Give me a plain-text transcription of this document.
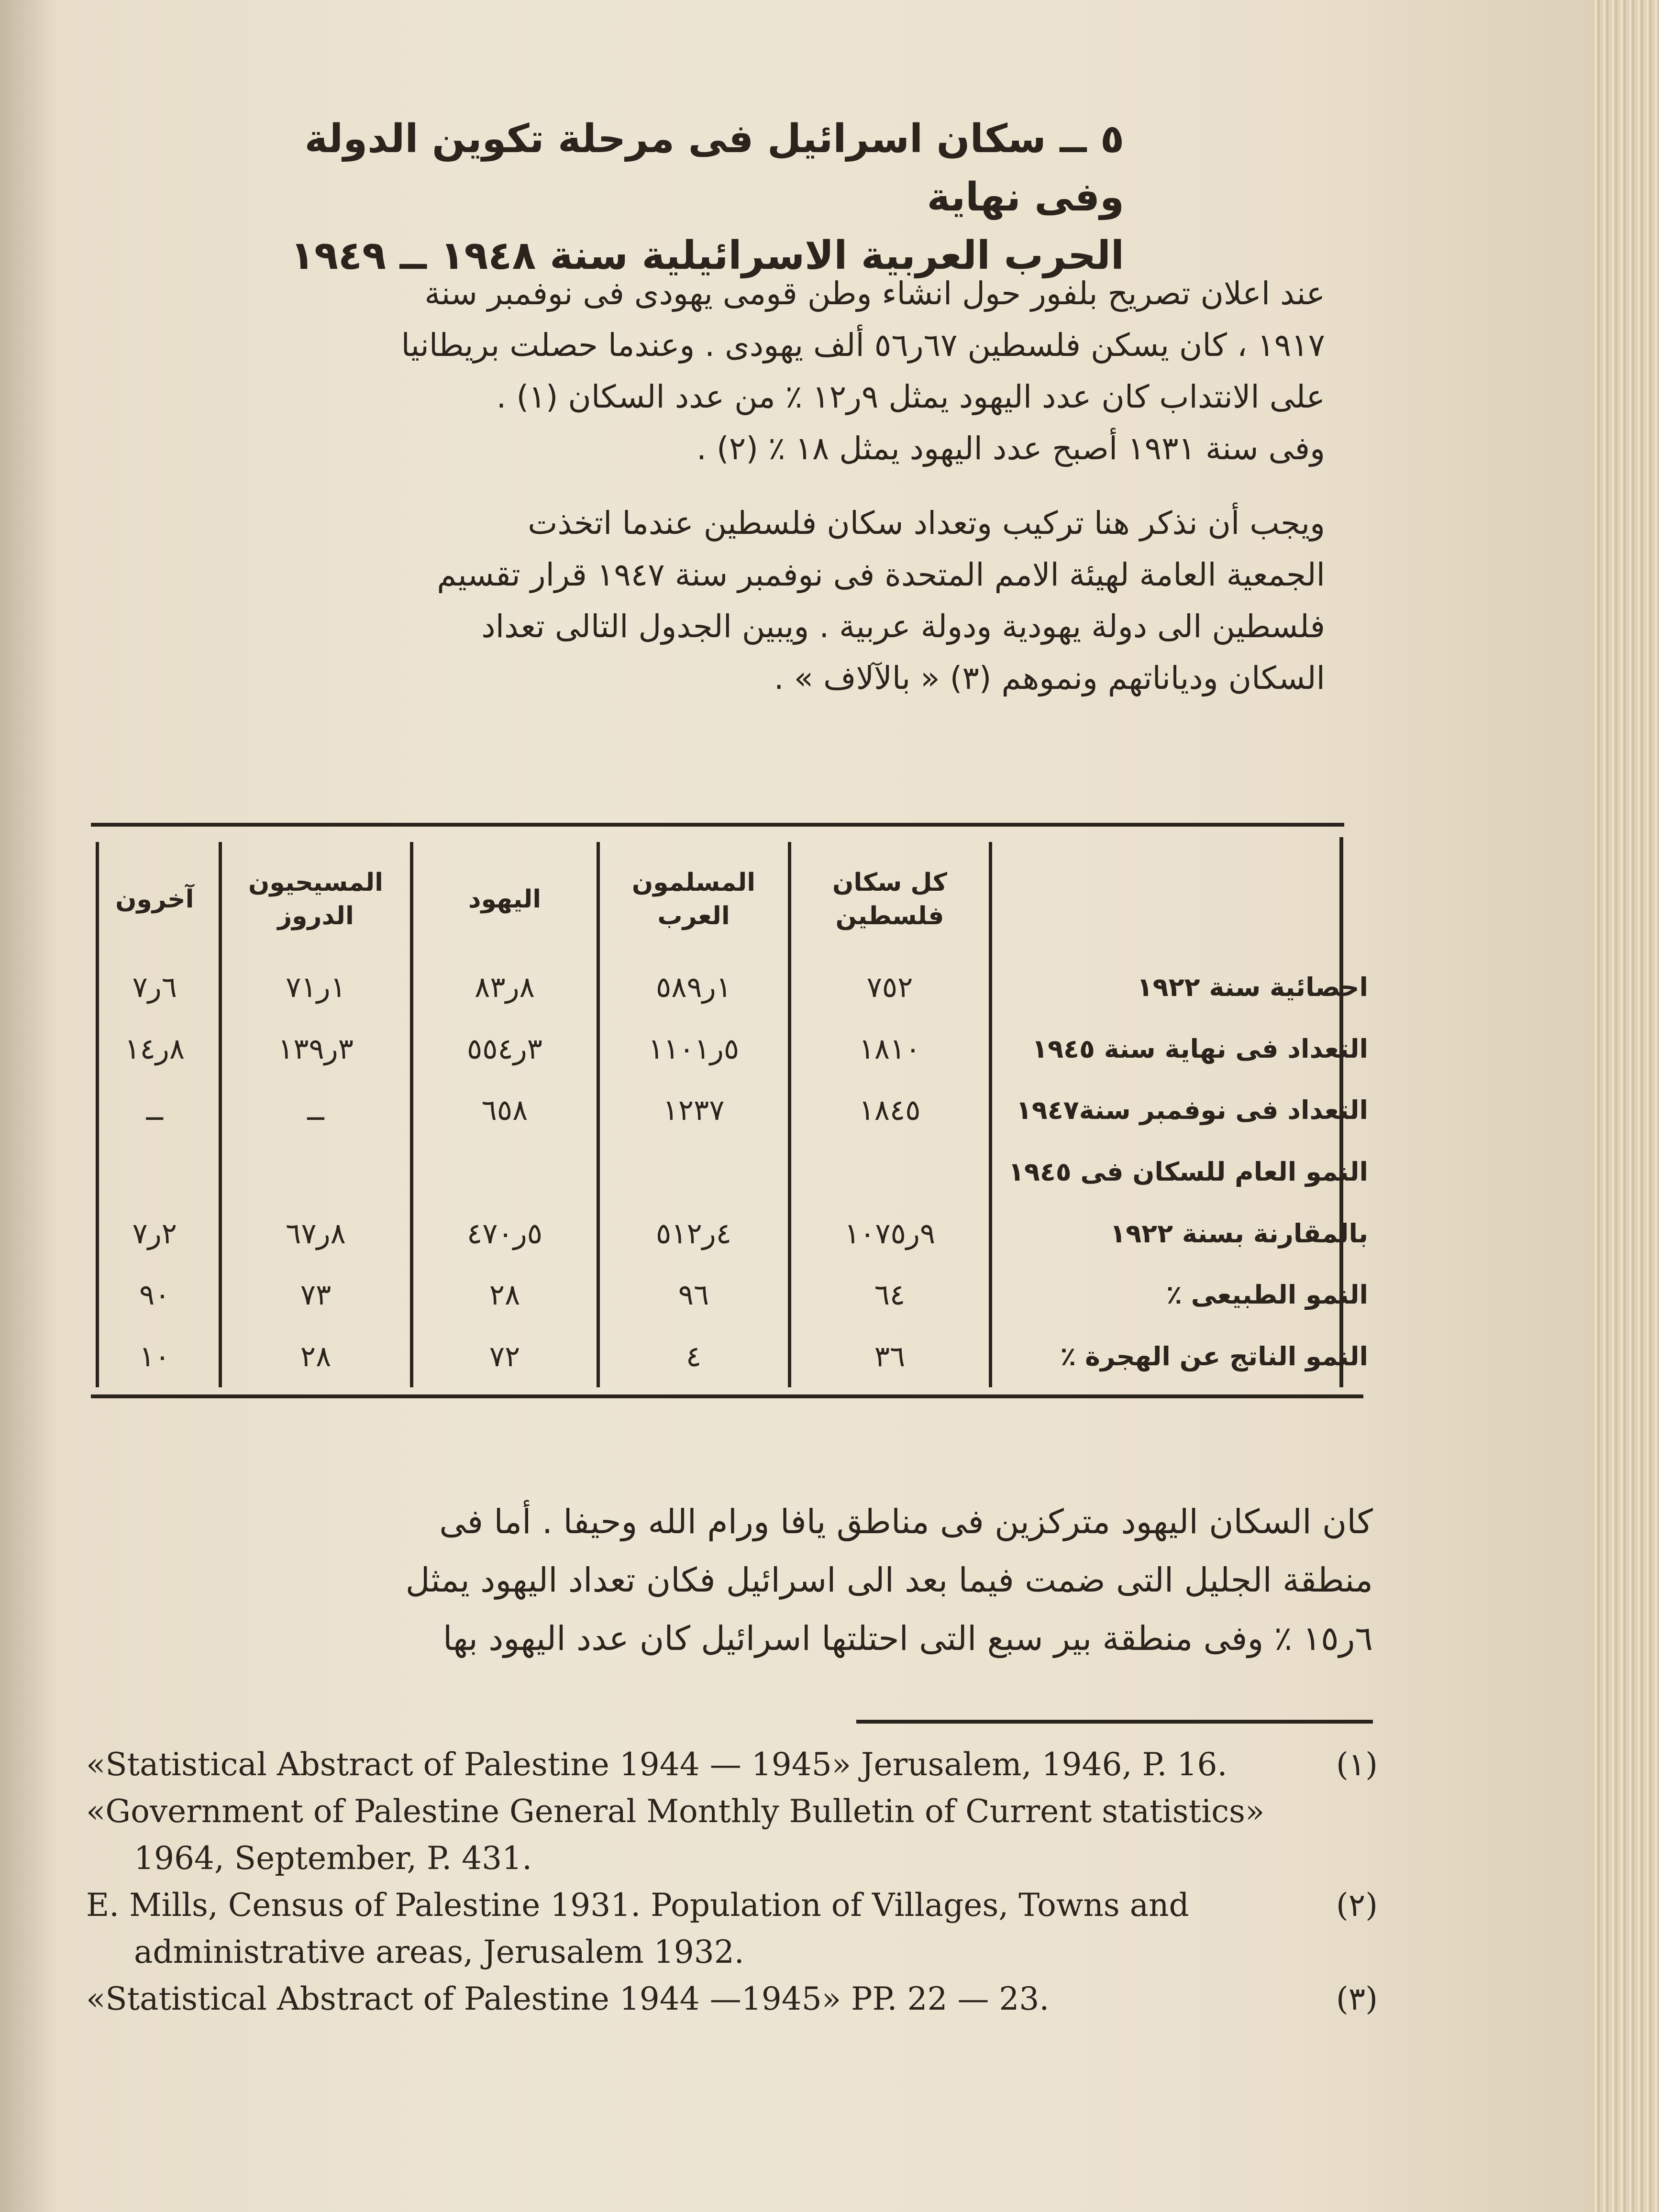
٥ ــ سكان اسرائيل فى مرحلة تكوين الدولة وفى نهاية
الحرب العربية الاسرائيلية سنة ١٩٤٨ ــ ١٩٤٩
عند اعلان تصريح بلفور حول انشاء وطن قومى يهودى فى نوفمبر سنة
١٩١٧ ، كان يسكن فلسطين ٦٧ر٥٦ ألف يهودى . وعندما حصلت بريطانيا
على الانتداب كان عدد اليهود يمثل ٩ر١٢ ٪ من عدد السكان (١) .
وفى سنة ١٩٣١ أصبح عدد اليهود يمثل ١٨ ٪ (٢) .
ويجب أن نذكر هنا تركيب وتعداد سكان فلسطين عندما اتخذت
الجمعية العامة لهيئة الامم المتحدة فى نوفمبر سنة ١٩٤٧ قرار تقسيم
فلسطين الى دولة يهودية ودولة عربية . ويبين الجدول التالى تعداد
السكان ودياناتهم ونموهم (٣) « بالآلاف » .
	كل سكان فلسطين	المسلمون العرب	اليهود	المسيحيون الدروز	آخرون
احصائية سنة ١٩٢٢	٧٥٢	١ر٥٨٩	٨ر٨٣	١ر٧١	٦ر٧
التعداد فى نهاية سنة ١٩٤٥	١٨١٠	٥ر١١٠١	٣ر٥٥٤	٣ر١٣٩	٨ر١٤
التعداد فى نوفمبر سنة١٩٤٧	١٨٤٥	١٢٣٧	٦٥٨	ــ	ــ
النمو العام للسكان فى ١٩٤٥					
بالمقارنة بسنة ١٩٢٢	٩ر١٠٧٥	٤ر٥١٢	٥ر٤٧٠	٨ر٦٧	٢ر٧
النمو الطبيعى ٪	٦٤	٩٦	٢٨	٧٣	٩٠
النمو الناتج عن الهجرة ٪	٣٦	٤	٧٢	٢٨	١٠
كان السكان اليهود متركزين فى مناطق يافا ورام الله وحيفا . أما فى
منطقة الجليل التى ضمت فيما بعد الى اسرائيل فكان تعداد اليهود يمثل
٦ر١٥ ٪ وفى منطقة بير سبع التى احتلتها اسرائيل كان عدد اليهود بها
«Statistical Abstract of Palestine 1944 — 1945» Jerusalem, 1946, P. 16.	(١)
«Government of Palestine General Monthly Bulletin of Current statistics»
1964, September, P. 431.
E. Mills, Census of Palestine 1931. Population of Villages, Towns and	(٢)
administrative areas, Jerusalem 1932.
«Statistical Abstract of Palestine 1944 —1945» PP. 22 — 23.	(٣)
